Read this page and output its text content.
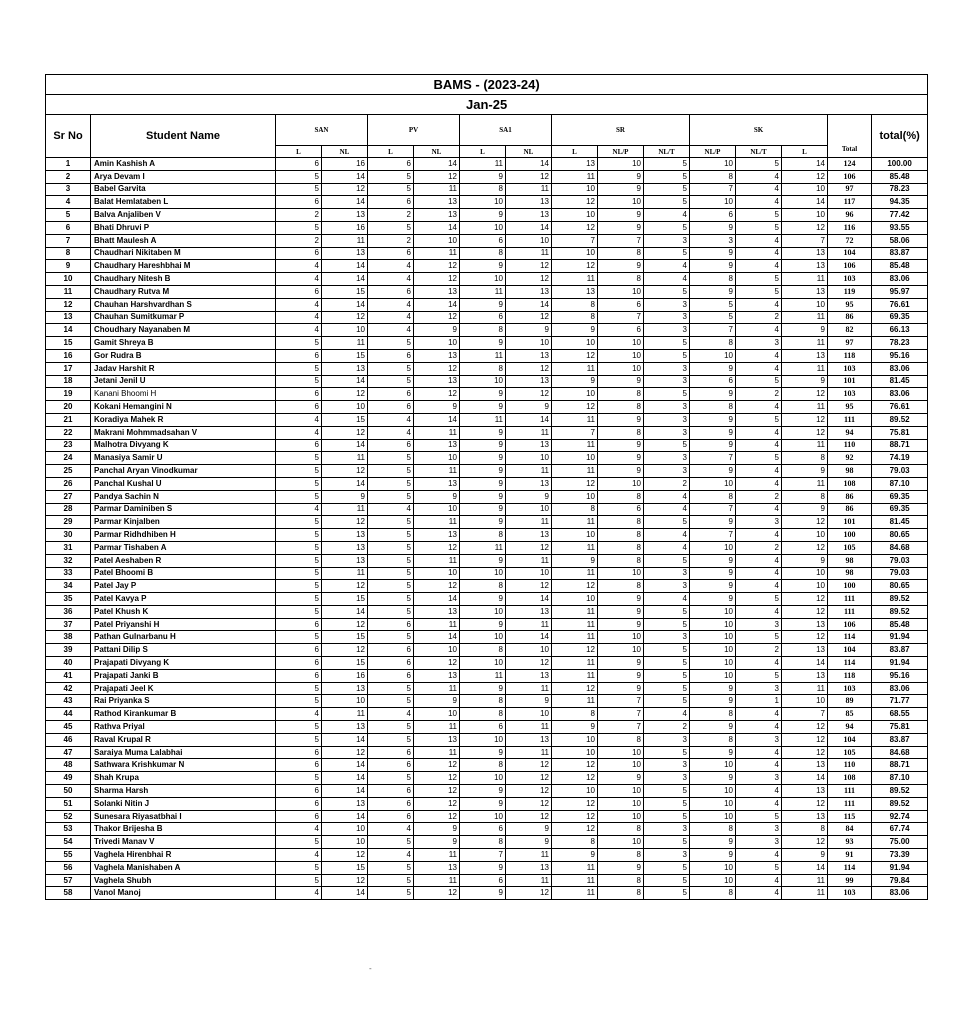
BAMS - (2023-24)															
Jan-25															
Sr No	Student Name	SAN		PV		SA1		SR			SK			Total	total(%)
		L	NL	L	NL	L	NL	L	NL/P	NL/T	NL/P	NL/T	L		
1	Amin Kashish A	6	16	6	14	11	14	13	10	5	10	5	14	124	100.00
2	Arya Devam I	5	14	5	12	9	12	11	9	5	8	4	12	106	85.48
3	Babel Garvita	5	12	5	11	8	11	10	9	5	7	4	10	97	78.23
4	Balat Hemlataben L	6	14	6	13	10	13	12	10	5	10	4	14	117	94.35
5	Balva Anjaliben V	2	13	2	13	9	13	10	9	4	6	5	10	96	77.42
6	Bhati Dhruvi P	5	16	5	14	10	14	12	9	5	9	5	12	116	93.55
7	Bhatt Maulesh A	2	11	2	10	6	10	7	7	3	3	4	7	72	58.06
8	Chaudhari Nikitaben M	6	13	6	11	8	11	10	8	5	9	4	13	104	83.87
9	Chaudhary Hareshbhai M	4	14	4	12	9	12	12	9	4	9	4	13	106	85.48
10	Chaudhary Nitesh B	4	14	4	12	10	12	11	8	4	8	5	11	103	83.06
11	Chaudhary Rutva M	6	15	6	13	11	13	13	10	5	9	5	13	119	95.97
12	Chauhan Harshvardhan S	4	14	4	14	9	14	8	6	3	5	4	10	95	76.61
13	Chauhan Sumitkumar P	4	12	4	12	6	12	8	7	3	5	2	11	86	69.35
14	Choudhary Nayanaben M	4	10	4	9	8	9	9	6	3	7	4	9	82	66.13
15	Gamit Shreya B	5	11	5	10	9	10	10	10	5	8	3	11	97	78.23
16	Gor Rudra B	6	15	6	13	11	13	12	10	5	10	4	13	118	95.16
17	Jadav Harshit R	5	13	5	12	8	12	11	10	3	9	4	11	103	83.06
18	Jetani Jenil U	5	14	5	13	10	13	9	9	3	6	5	9	101	81.45
19	Kanani Bhoomi H	6	12	6	12	9	12	10	8	5	9	2	12	103	83.06
20	Kokani Hemangini N	6	10	6	9	9	9	12	8	3	8	4	11	95	76.61
21	Koradiya Mahek R	4	15	4	14	11	14	11	9	3	9	5	12	111	89.52
22	Makrani Mohmmadsahan V	4	12	4	11	9	11	7	8	3	9	4	12	94	75.81
23	Malhotra Divyang K	6	14	6	13	9	13	11	9	5	9	4	11	110	88.71
24	Manasiya Samir U	5	11	5	10	9	10	10	9	3	7	5	8	92	74.19
25	Panchal Aryan Vinodkumar	5	12	5	11	9	11	11	9	3	9	4	9	98	79.03
26	Panchal Kushal U	5	14	5	13	9	13	12	10	2	10	4	11	108	87.10
27	Pandya Sachin N	5	9	5	9	9	9	10	8	4	8	2	8	86	69.35
28	Parmar Daminiben S	4	11	4	10	9	10	8	6	4	7	4	9	86	69.35
29	Parmar Kinjalben	5	12	5	11	9	11	11	8	5	9	3	12	101	81.45
30	Parmar Ridhdhiben H	5	13	5	13	8	13	10	8	4	7	4	10	100	80.65
31	Parmar Tishaben A	5	13	5	12	11	12	11	8	4	10	2	12	105	84.68
32	Patel Aeshaben R	5	13	5	11	9	11	9	8	5	9	4	9	98	79.03
33	Patel Bhoomi B	5	11	5	10	10	10	11	10	3	9	4	10	98	79.03
34	Patel Jay P	5	12	5	12	8	12	12	8	3	9	4	10	100	80.65
35	Patel Kavya P	5	15	5	14	9	14	10	9	4	9	5	12	111	89.52
36	Patel Khush K	5	14	5	13	10	13	11	9	5	10	4	12	111	89.52
37	Patel Priyanshi H	6	12	6	11	9	11	11	9	5	10	3	13	106	85.48
38	Pathan Gulnarbanu H	5	15	5	14	10	14	11	10	3	10	5	12	114	91.94
39	Pattani Dilip S	6	12	6	10	8	10	12	10	5	10	2	13	104	83.87
40	Prajapati Divyang K	6	15	6	12	10	12	11	9	5	10	4	14	114	91.94
41	Prajapati Janki B	6	16	6	13	11	13	11	9	5	10	5	13	118	95.16
42	Prajapati Jeel K	5	13	5	11	9	11	12	9	5	9	3	11	103	83.06
43	Rai Priyanka S	5	10	5	9	8	9	11	7	5	9	1	10	89	71.77
44	Rathod Kirankumar B	4	11	4	10	8	10	8	7	4	8	4	7	85	68.55
45	Rathva Priyal	5	13	5	11	6	11	9	7	2	9	4	12	94	75.81
46	Raval Krupal R	5	14	5	13	10	13	10	8	3	8	3	12	104	83.87
47	Saraiya Muma Lalabhai	6	12	6	11	9	11	10	10	5	9	4	12	105	84.68
48	Sathwara Krishkumar N	6	14	6	12	8	12	12	10	3	10	4	13	110	88.71
49	Shah Krupa	5	14	5	12	10	12	12	9	3	9	3	14	108	87.10
50	Sharma Harsh	6	14	6	12	9	12	10	10	5	10	4	13	111	89.52
51	Solanki Nitin J	6	13	6	12	9	12	12	10	5	10	4	12	111	89.52
52	Sunesara Riyasatbhai I	6	14	6	12	10	12	12	10	5	10	5	13	115	92.74
53	Thakor Brijesha B	4	10	4	9	6	9	12	8	3	8	3	8	84	67.74
54	Trivedi Manav V	5	10	5	9	8	9	8	10	5	9	3	12	93	75.00
55	Vaghela Hirenbhai R	4	12	4	11	7	11	9	8	3	9	4	9	91	73.39
56	Vaghela Manishaben A	5	15	5	13	9	13	11	9	5	10	5	14	114	91.94
57	Vaghela Shubh	5	12	5	11	6	11	11	8	5	10	4	11	99	79.84
58	Vanol Manoj	4	14	5	12	9	12	11	8	5	8	4	11	103	83.06
-
